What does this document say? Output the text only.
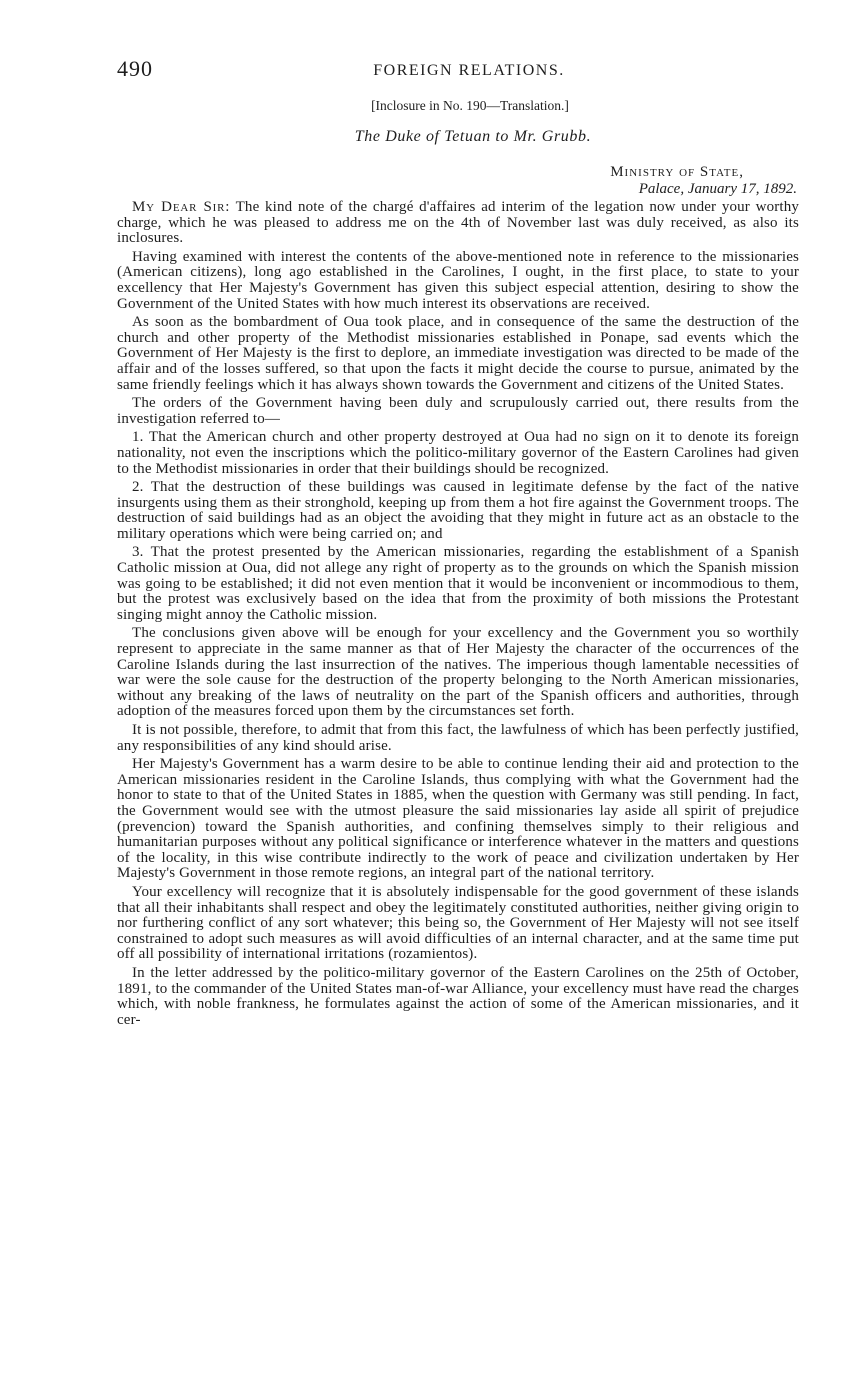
490	FOREIGN RELATIONS.
[Inclosure in No. 190—Translation.]
The Duke of Tetuan to Mr. Grubb.
Ministry of State,
Palace, January 17, 1892.

My Dear Sir: The kind note of the chargé d'affaires ad interim of the legation now under your worthy charge, which he was pleased to address me on the 4th of November last was duly received, as also its inclosures.

Having examined with interest the contents of the above-mentioned note in reference to the missionaries (American citizens), long ago established in the Carolines, I ought, in the first place, to state to your excellency that Her Majesty's Government has given this subject especial attention, desiring to show the Government of the United States with how much interest its observations are received.

As soon as the bombardment of Oua took place, and in consequence of the same the destruction of the church and other property of the Methodist missionaries established in Ponape, sad events which the Government of Her Majesty is the first to deplore, an immediate investigation was directed to be made of the affair and of the losses suffered, so that upon the facts it might decide the course to pursue, animated by the same friendly feelings which it has always shown towards the Government and citizens of the United States.

The orders of the Government having been duly and scrupulously carried out, there results from the investigation referred to—

1. That the American church and other property destroyed at Oua had no sign on it to denote its foreign nationality, not even the inscriptions which the politico-military governor of the Eastern Carolines had given to the Methodist missionaries in order that their buildings should be recognized.

2. That the destruction of these buildings was caused in legitimate defense by the fact of the native insurgents using them as their stronghold, keeping up from them a hot fire against the Government troops. The destruction of said buildings had as an object the avoiding that they might in future act as an obstacle to the military operations which were being carried on; and

3. That the protest presented by the American missionaries, regarding the establishment of a Spanish Catholic mission at Oua, did not allege any right of property as to the grounds on which the Spanish mission was going to be established; it did not even mention that it would be inconvenient or incommodious to them, but the protest was exclusively based on the idea that from the proximity of both missions the Protestant singing might annoy the Catholic mission.

The conclusions given above will be enough for your excellency and the Government you so worthily represent to appreciate in the same manner as that of Her Majesty the character of the occurrences of the Caroline Islands during the last insurrection of the natives. The imperious though lamentable necessities of war were the sole cause for the destruction of the property belonging to the North American missionaries, without any breaking of the laws of neutrality on the part of the Spanish officers and authorities, through adoption of the measures forced upon them by the circumstances set forth.

It is not possible, therefore, to admit that from this fact, the lawfulness of which has been perfectly justified, any responsibilities of any kind should arise.

Her Majesty's Government has a warm desire to be able to continue lending their aid and protection to the American missionaries resident in the Caroline Islands, thus complying with what the Government had the honor to state to that of the United States in 1885, when the question with Germany was still pending. In fact, the Government would see with the utmost pleasure the said missionaries lay aside all spirit of prejudice (prevencion) toward the Spanish authorities, and confining themselves simply to their religious and humanitarian purposes without any political significance or interference whatever in the matters and questions of the locality, in this wise contribute indirectly to the work of peace and civilization undertaken by Her Majesty's Government in those remote regions, an integral part of the national territory.

Your excellency will recognize that it is absolutely indispensable for the good government of these islands that all their inhabitants shall respect and obey the legitimately constituted authorities, neither giving origin to nor furthering conflict of any sort whatever; this being so, the Government of Her Majesty will not see itself constrained to adopt such measures as will avoid difficulties of an internal character, and at the same time put off all possibility of international irritations (rozamientos).

In the letter addressed by the politico-military governor of the Eastern Carolines on the 25th of October, 1891, to the commander of the United States man-of-war Alliance, your excellency must have read the charges which, with noble frankness, he formulates against the action of some of the American missionaries, and it cer-
